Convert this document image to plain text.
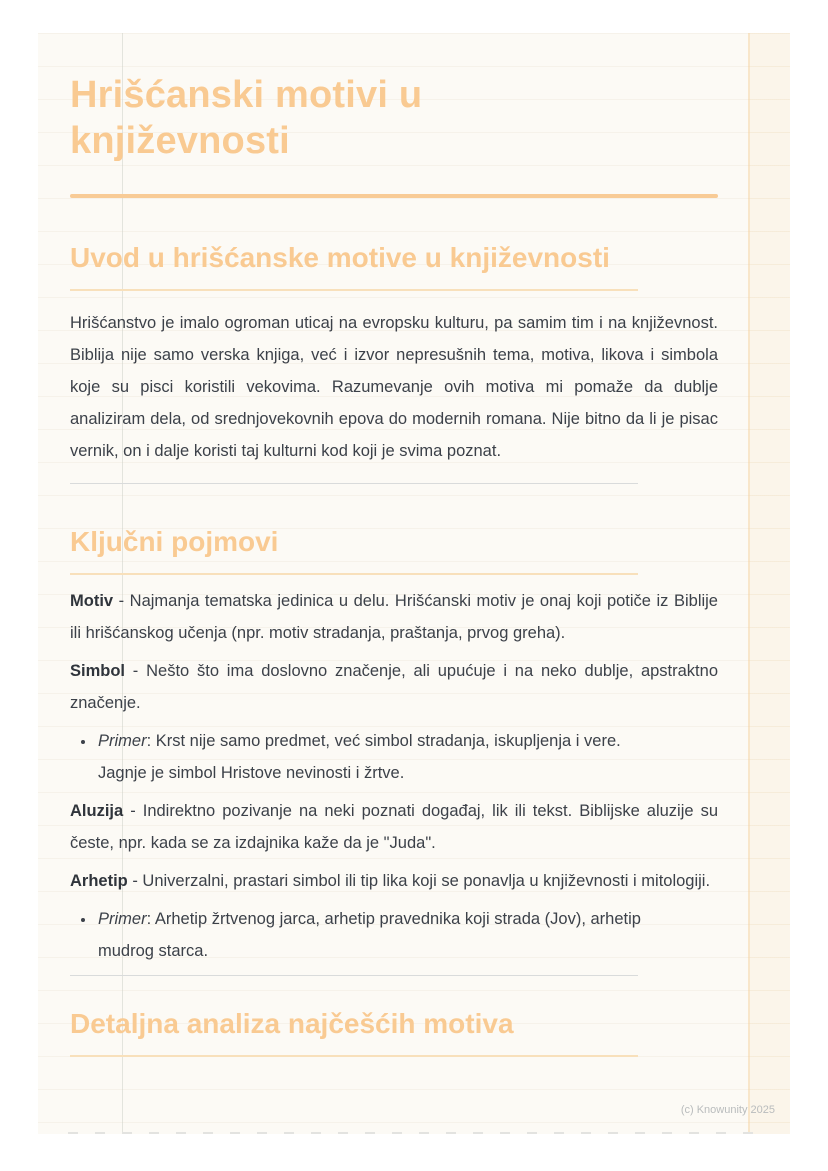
Hrišćanski motivi u književnosti
Uvod u hrišćanske motive u književnosti

Hrišćanstvo je imalo ogroman uticaj na evropsku kulturu, pa samim tim i na književnost. Biblija nije samo verska knjiga, već i izvor nepresušnih tema, motiva, likova i simbola koje su pisci koristili vekovima. Razumevanje ovih motiva mi pomaže da dublje analiziram dela, od srednjovekovnih epova do modernih romana. Nije bitno da li je pisac vernik, on i dalje koristi taj kulturni kod koji je svima poznat.

Ključni pojmovi

Motiv - Najmanja tematska jedinica u delu. Hrišćanski motiv je onaj koji potiče iz Biblije ili hrišćanskog učenja (npr. motiv stradanja, praštanja, prvog greha).

Simbol - Nešto što ima doslovno značenje, ali upućuje i na neko dublje, apstraktno značenje.

• Primer: Krst nije samo predmet, već simbol stradanja, iskupljenja i vere. Jagnje je simbol Hristove nevinosti i žrtve.

Aluzija - Indirektno pozivanje na neki poznati događaj, lik ili tekst. Biblijske aluzije su česte, npr. kada se za izdajnika kaže da je "Juda".

Arhetip - Univerzalni, prastari simbol ili tip lika koji se ponavlja u književnosti i mitologiji.

• Primer: Arhetip žrtvenog jarca, arhetip pravednika koji strada (Jov), arhetip mudrog starca.
Detaljna analiza najčešćih motiva
(c) Knowunity 2025
